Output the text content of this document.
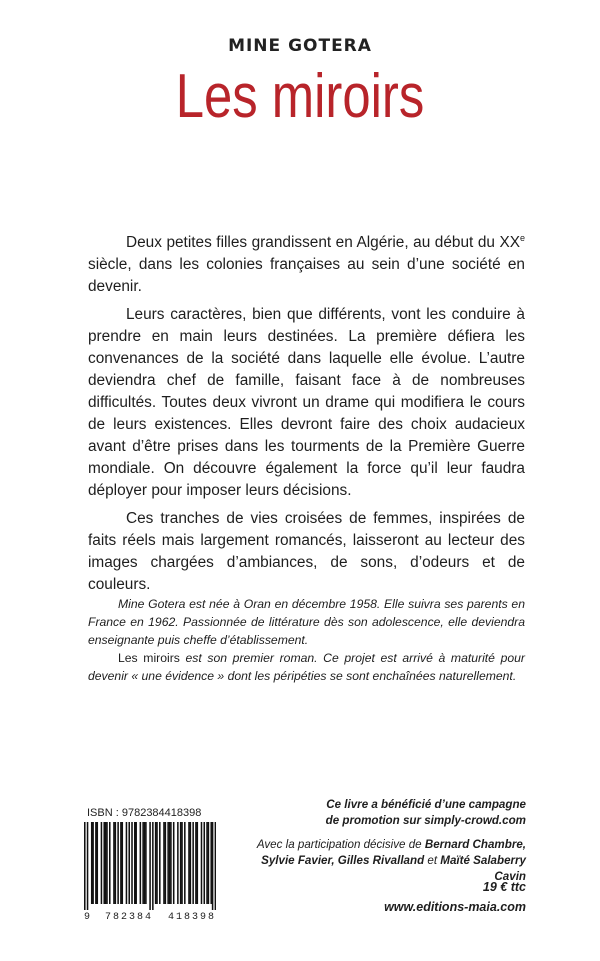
MINE GOTERA
Les miroirs

Deux petites filles grandissent en Algérie, au début du XXe siècle, dans les colonies françaises au sein d’une société en devenir.

Leurs caractères, bien que différents, vont les conduire à prendre en main leurs destinées. La première défiera les convenances de la société dans laquelle elle évolue. L’autre deviendra chef de famille, faisant face à de nombreuses difficultés. Toutes deux vivront un drame qui modifiera le cours de leurs existences. Elles devront faire des choix audacieux avant d’être prises dans les tourments de la Première Guerre mondiale. On découvre également la force qu’il leur faudra déployer pour imposer leurs décisions.

Ces tranches de vies croisées de femmes, inspirées de faits réels mais largement romancés, laisseront au lecteur des images chargées d’ambiances, de sons, d’odeurs et de couleurs.

Mine Gotera est née à Oran en décembre 1958. Elle suivra ses parents en France en 1962. Passionnée de littérature dès son adolescence, elle deviendra enseignante puis cheffe d’établissement.

Les miroirs est son premier roman. Ce projet est arrivé à maturité pour devenir « une évidence » dont les péripéties se sont enchaînées naturellement.

ISBN : 9782384418398
9 782384 418398
Ce livre a bénéficié d’une campagne
de promotion sur simply-crowd.com
Avec la participation décisive de Bernard Chambre,
Sylvie Favier, Gilles Rivalland et Maïté Salaberry Cavin
19 € ttc
www.editions-maia.com
